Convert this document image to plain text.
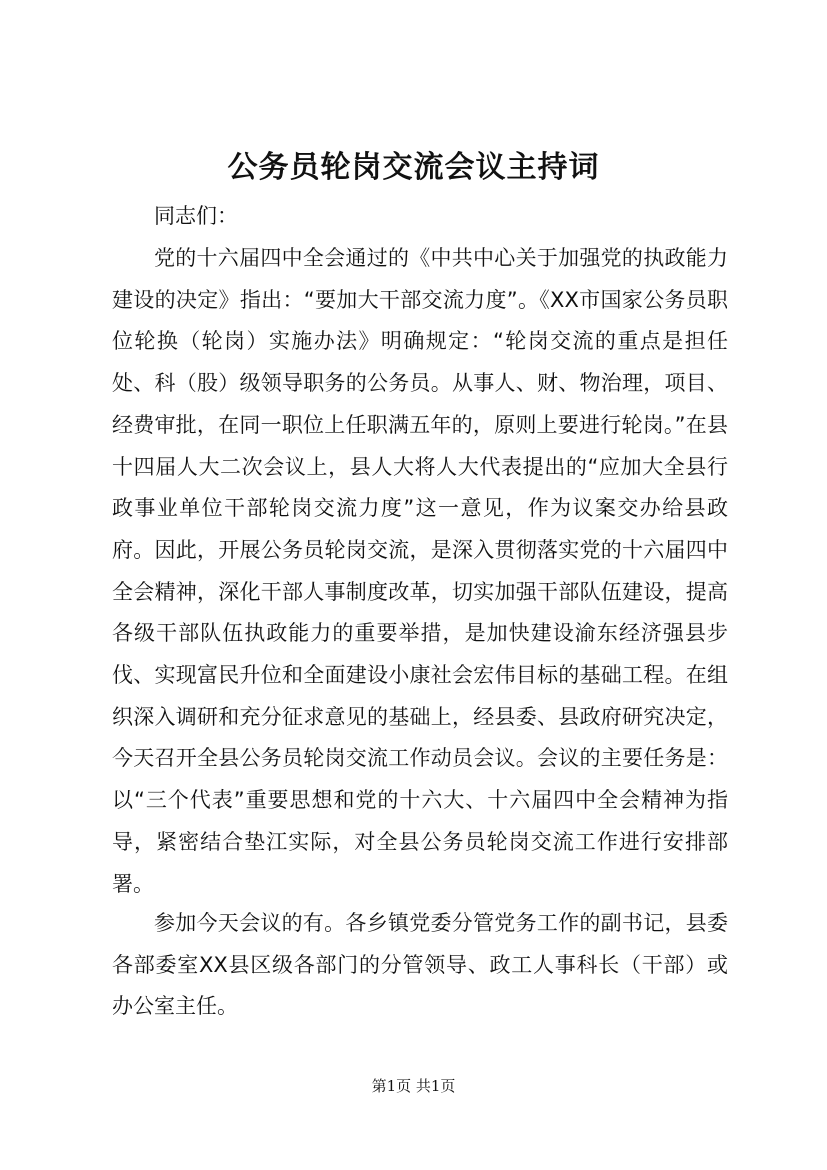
公务员轮岗交流会议主持词
同志们：
党的十六届四中全会通过的《中共中心关于加强党的执政能力建设的决定》指出：“要加大干部交流力度”。《XX市国家公务员职位轮换（轮岗）实施办法》明确规定：“轮岗交流的重点是担任处、科（股）级领导职务的公务员。从事人、财、物治理，项目、经费审批，在同一职位上任职满五年的，原则上要进行轮岗。”在县十四届人大二次会议上，县人大将人大代表提出的“应加大全县行政事业单位干部轮岗交流力度”这一意见，作为议案交办给县政府。因此，开展公务员轮岗交流，是深入贯彻落实党的十六届四中全会精神，深化干部人事制度改革，切实加强干部队伍建设，提高各级干部队伍执政能力的重要举措，是加快建设渝东经济强县步伐、实现富民升位和全面建设小康社会宏伟目标的基础工程。在组织深入调研和充分征求意见的基础上，经县委、县政府研究决定，今天召开全县公务员轮岗交流工作动员会议。会议的主要任务是：以“三个代表”重要思想和党的十六大、十六届四中全会精神为指导，紧密结合垫江实际，对全县公务员轮岗交流工作进行安排部署。
参加今天会议的有。各乡镇党委分管党务工作的副书记，县委各部委室XX县区级各部门的分管领导、政工人事科长（干部）或办公室主任。
第1页 共1页
